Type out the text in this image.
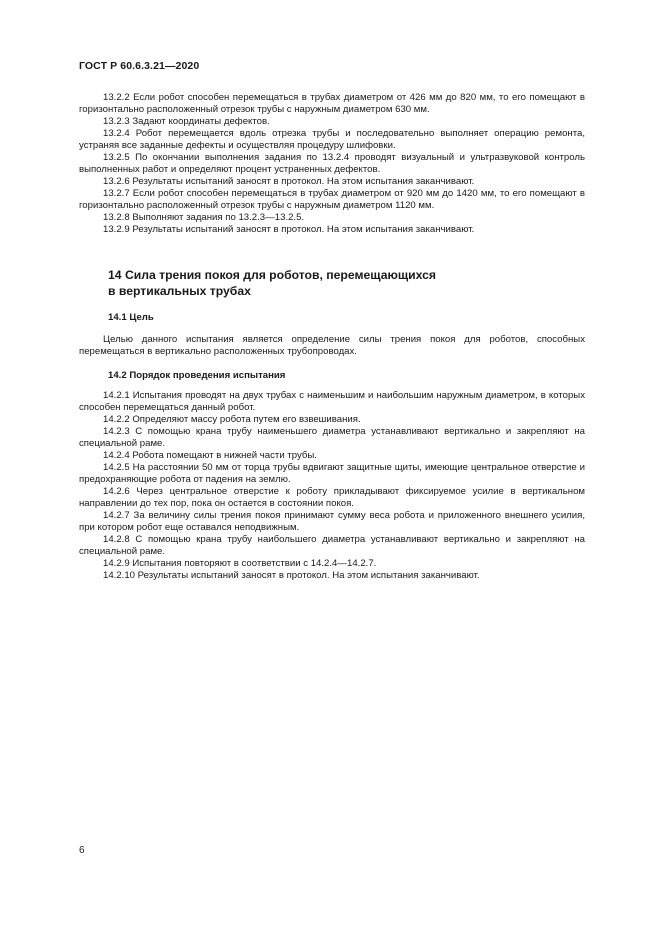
ГОСТ Р 60.6.3.21—2020

13.2.2 Если робот способен перемещаться в трубах диаметром от 426 мм до 820 мм, то его помещают в горизонтально расположенный отрезок трубы с наружным диаметром 630 мм.

13.2.3 Задают координаты дефектов.

13.2.4 Робот перемещается вдоль отрезка трубы и последовательно выполняет операцию ремонта, устраняя все заданные дефекты и осуществляя процедуру шлифовки.

13.2.5 По окончании выполнения задания по 13.2.4 проводят визуальный и ультразвуковой контроль выполненных работ и определяют процент устраненных дефектов.

13.2.6 Результаты испытаний заносят в протокол. На этом испытания заканчивают.

13.2.7 Если робот способен перемещаться в трубах диаметром от 920 мм до 1420 мм, то его помещают в горизонтально расположенный отрезок трубы с наружным диаметром 1120 мм.

13.2.8 Выполняют задания по 13.2.3—13.2.5.

13.2.9 Результаты испытаний заносят в протокол. На этом испытания заканчивают.

14 Сила трения покоя для роботов, перемещающихся
в вертикальных трубах
14.1 Цель

Целью данного испытания является определение силы трения покоя для роботов, способных перемещаться в вертикально расположенных трубопроводах.

14.2 Порядок проведения испытания

14.2.1 Испытания проводят на двух трубах с наименьшим и наибольшим наружным диаметром, в которых способен перемещаться данный робот.

14.2.2 Определяют массу робота путем его взвешивания.

14.2.3 С помощью крана трубу наименьшего диаметра устанавливают вертикально и закрепляют на специальной раме.

14.2.4 Робота помещают в нижней части трубы.

14.2.5 На расстоянии 50 мм от торца трубы вдвигают защитные щиты, имеющие центральное отверстие и предохраняющие робота от падения на землю.

14.2.6 Через центральное отверстие к роботу прикладывают фиксируемое усилие в вертикальном направлении до тех пор, пока он остается в состоянии покоя.

14.2.7 За величину силы трения покоя принимают сумму веса робота и приложенного внешнего усилия, при котором робот еще оставался неподвижным.

14.2.8 С помощью крана трубу наибольшего диаметра устанавливают вертикально и закрепляют на специальной раме.

14.2.9 Испытания повторяют в соответствии с 14.2.4—14.2.7.

14.2.10 Результаты испытаний заносят в протокол. На этом испытания заканчивают.

6
